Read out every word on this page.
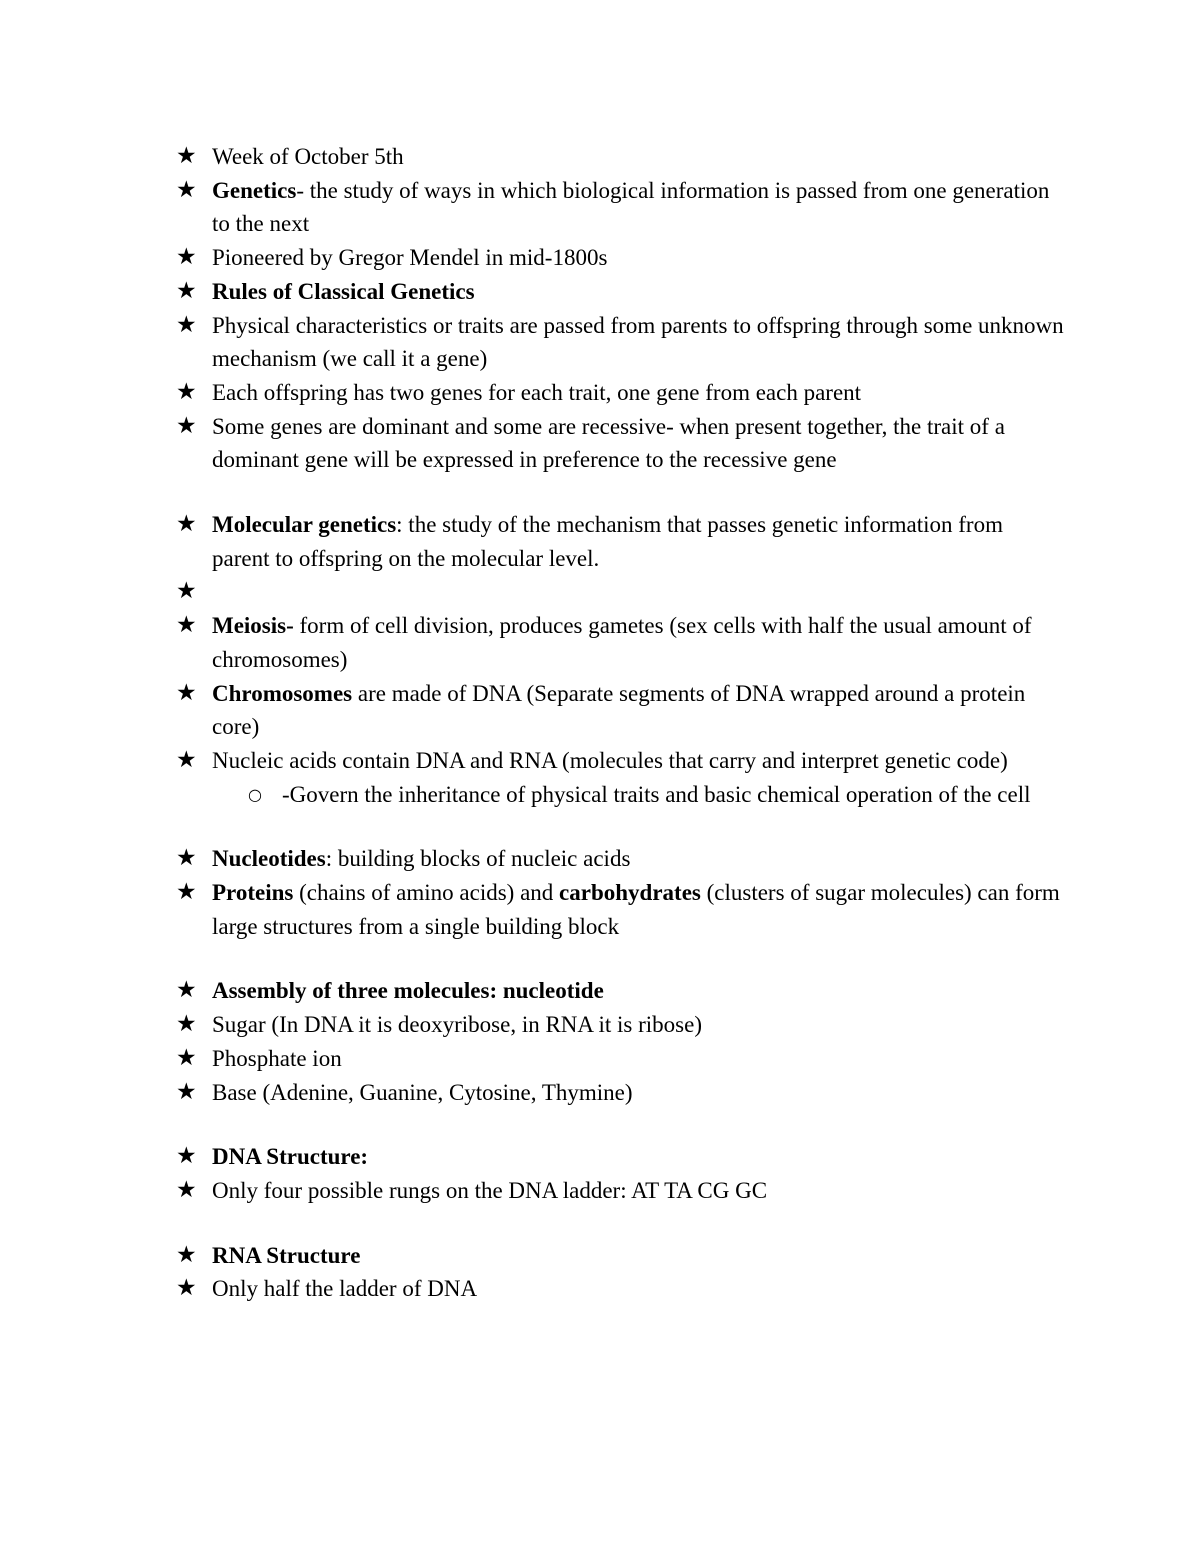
★ Week of October 5th
★ Genetics- the study of ways in which biological information is passed from one generation to the next
★ Pioneered by Gregor Mendel in mid-1800s
★ Rules of Classical Genetics
★ Physical characteristics or traits are passed from parents to offspring through some unknown mechanism (we call it a gene)
★ Each offspring has two genes for each trait, one gene from each parent
★ Some genes are dominant and some are recessive- when present together, the trait of a dominant gene will be expressed in preference to the recessive gene
★ Molecular genetics: the study of the mechanism that passes genetic information from parent to offspring on the molecular level.
★
★ Meiosis- form of cell division, produces gametes (sex cells with half the usual amount of chromosomes)
★ Chromosomes are made of DNA (Separate segments of DNA wrapped around a protein core)
★ Nucleic acids contain DNA and RNA (molecules that carry and interpret genetic code)
○ -Govern the inheritance of physical traits and basic chemical operation of the cell
★ Nucleotides: building blocks of nucleic acids
★ Proteins (chains of amino acids) and carbohydrates (clusters of sugar molecules) can form large structures from a single building block
★ Assembly of three molecules: nucleotide
★ Sugar (In DNA it is deoxyribose, in RNA it is ribose)
★ Phosphate ion
★ Base (Adenine, Guanine, Cytosine, Thymine)
★ DNA Structure:
★ Only four possible rungs on the DNA ladder: AT TA CG GC
★ RNA Structure
★ Only half the ladder of DNA
